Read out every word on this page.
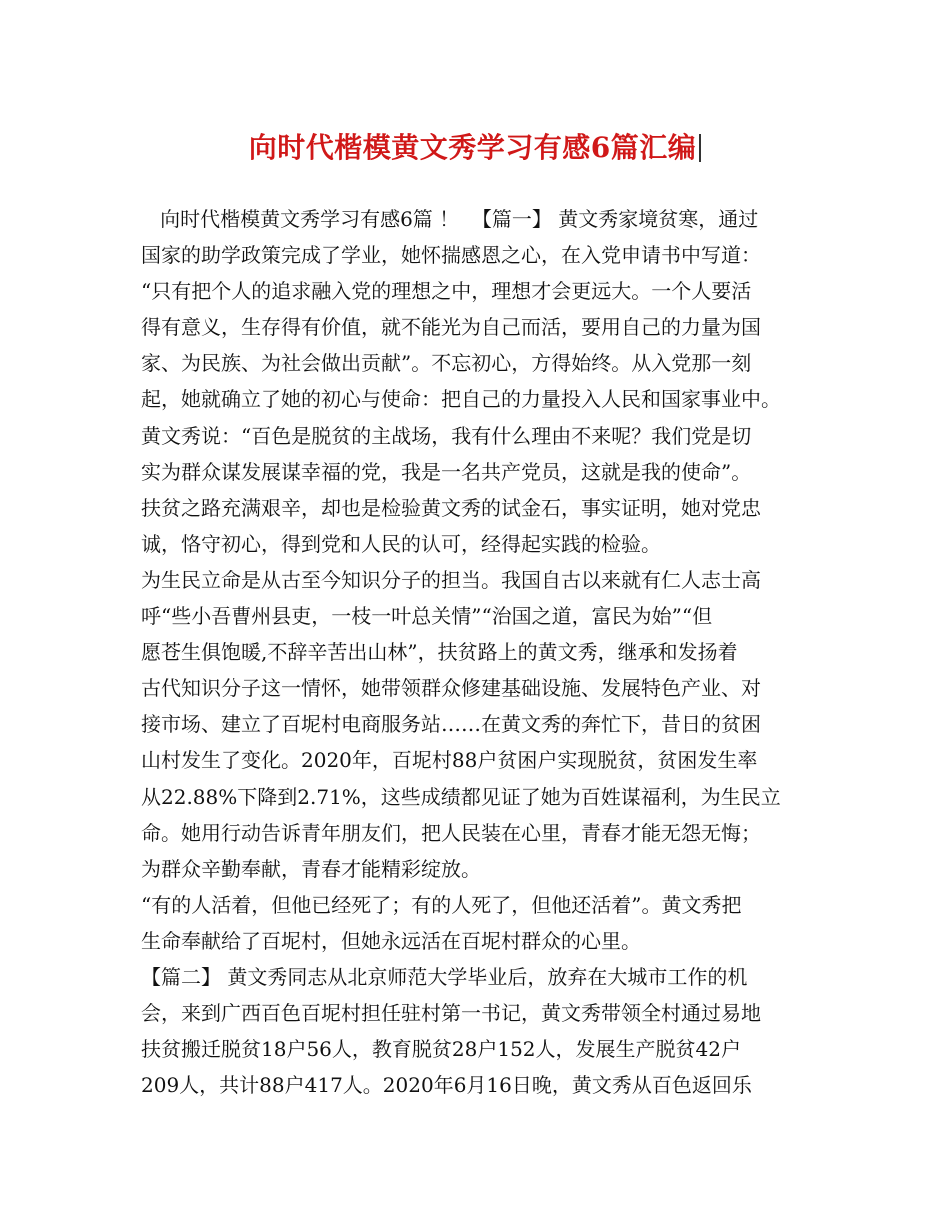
向时代楷模黄文秀学习有感6篇汇编
向时代楷模黄文秀学习有感6篇 ！  【篇一】 黄文秀家境贫寒，通过
国家的助学政策完成了学业，她怀揣感恩之心，在入党申请书中写道：
“只有把个人的追求融入党的理想之中，理想才会更远大。一个人要活
得有意义，生存得有价值，就不能光为自己而活，要用自己的力量为国
家、为民族、为社会做出贡献”。不忘初心，方得始终。从入党那一刻
起，她就确立了她的初心与使命：把自己的力量投入人民和国家事业中。
黄文秀说：“百色是脱贫的主战场，我有什么理由不来呢？我们党是切
实为群众谋发展谋幸福的党，我是一名共产党员，这就是我的使命”。
扶贫之路充满艰辛，却也是检验黄文秀的试金石，事实证明，她对党忠
诚，恪守初心，得到党和人民的认可，经得起实践的检验。
为生民立命是从古至今知识分子的担当。我国自古以来就有仁人志士高
呼“些小吾曹州县吏，一枝一叶总关情”“治国之道，富民为始”“但
愿苍生俱饱暖,不辞辛苦出山林”，扶贫路上的黄文秀，继承和发扬着
古代知识分子这一情怀，她带领群众修建基础设施、发展特色产业、对
接市场、建立了百坭村电商服务站……在黄文秀的奔忙下，昔日的贫困
山村发生了变化。2020年，百坭村88户贫困户实现脱贫，贫困发生率
从22.88%下降到2.71%，这些成绩都见证了她为百姓谋福利，为生民立
命。她用行动告诉青年朋友们，把人民装在心里，青春才能无怨无悔；
为群众辛勤奉献，青春才能精彩绽放。
“有的人活着，但他已经死了；有的人死了，但他还活着”。黄文秀把
生命奉献给了百坭村，但她永远活在百坭村群众的心里。
【篇二】 黄文秀同志从北京师范大学毕业后，放弃在大城市工作的机
会，来到广西百色百坭村担任驻村第一书记，黄文秀带领全村通过易地
扶贫搬迁脱贫18户56人，教育脱贫28户152人，发展生产脱贫42户
209人，共计88户417人。2020年6月16日晚，黄文秀从百色返回乐
